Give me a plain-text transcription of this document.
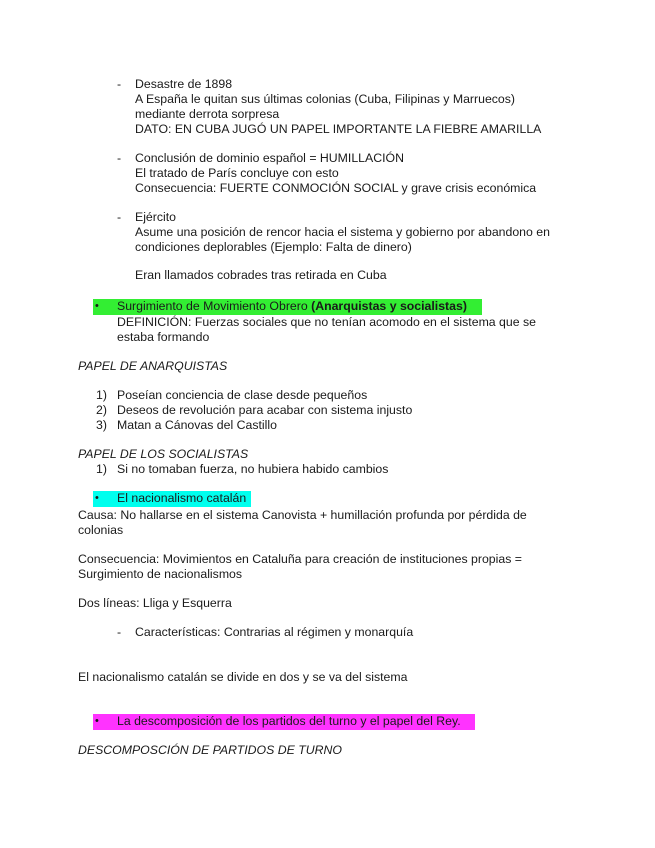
- Desastre de 1898
A España le quitan sus últimas colonias (Cuba, Filipinas y Marruecos)
mediante derrota sorpresa
DATO: EN CUBA JUGÓ UN PAPEL IMPORTANTE LA FIEBRE AMARILLA
- Conclusión de dominio español = HUMILLACIÓN
El tratado de París concluye con esto
Consecuencia: FUERTE CONMOCIÓN SOCIAL y grave crisis económica
- Ejército
Asume una posición de rencor hacia el sistema y gobierno por abandono en
condiciones deplorables (Ejemplo: Falta de dinero)
Eran llamados cobrades tras retirada en Cuba
• Surgimiento de Movimiento Obrero (Anarquistas y socialistas)
DEFINICIÓN: Fuerzas sociales que no tenían acomodo en el sistema que se
estaba formando
PAPEL DE ANARQUISTAS
1) Poseían conciencia de clase desde pequeños
2) Deseos de revolución para acabar con sistema injusto
3) Matan a Cánovas del Castillo
PAPEL DE LOS SOCIALISTAS
1) Si no tomaban fuerza, no hubiera habido cambios
• El nacionalismo catalán
Causa: No hallarse en el sistema Canovista + humillación profunda por pérdida de
colonias
Consecuencia: Movimientos en Cataluña para creación de instituciones propias =
Surgimiento de nacionalismos
Dos líneas: Lliga y Esquerra
- Características: Contrarias al régimen y monarquía
El nacionalismo catalán se divide en dos y se va del sistema
• La descomposición de los partidos del turno y el papel del Rey.
DESCOMPOSCIÓN DE PARTIDOS DE TURNO
